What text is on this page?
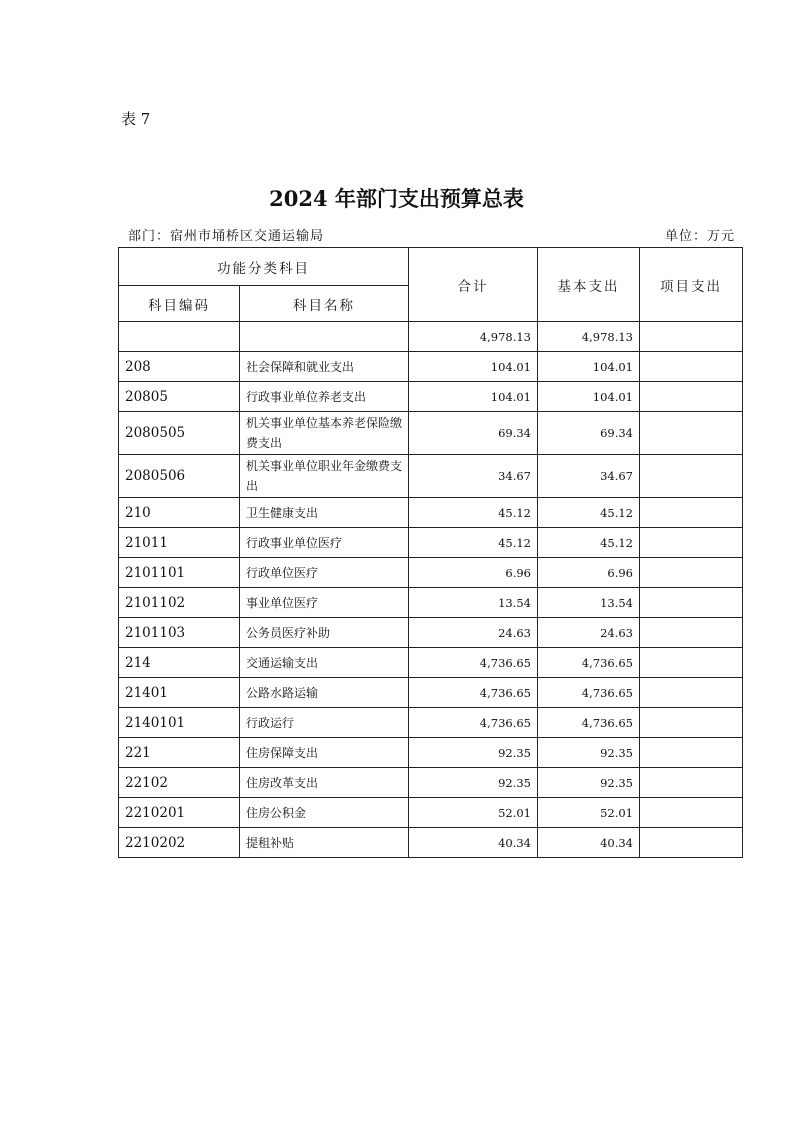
表 7
2024 年部门支出预算总表
部门：宿州市埇桥区交通运输局	单位：万元
功能分类科目		合计	基本支出	项目支出
科目编码	科目名称			
		4,978.13	4,978.13	
208	社会保障和就业支出	104.01	104.01	
20805	行政事业单位养老支出	104.01	104.01	
2080505	机关事业单位基本养老保险缴费支出	69.34	69.34	
2080506	机关事业单位职业年金缴费支出	34.67	34.67	
210	卫生健康支出	45.12	45.12	
21011	行政事业单位医疗	45.12	45.12	
2101101	行政单位医疗	6.96	6.96	
2101102	事业单位医疗	13.54	13.54	
2101103	公务员医疗补助	24.63	24.63	
214	交通运输支出	4,736.65	4,736.65	
21401	公路水路运输	4,736.65	4,736.65	
2140101	行政运行	4,736.65	4,736.65	
221	住房保障支出	92.35	92.35	
22102	住房改革支出	92.35	92.35	
2210201	住房公积金	52.01	52.01	
2210202	提租补贴	40.34	40.34	
